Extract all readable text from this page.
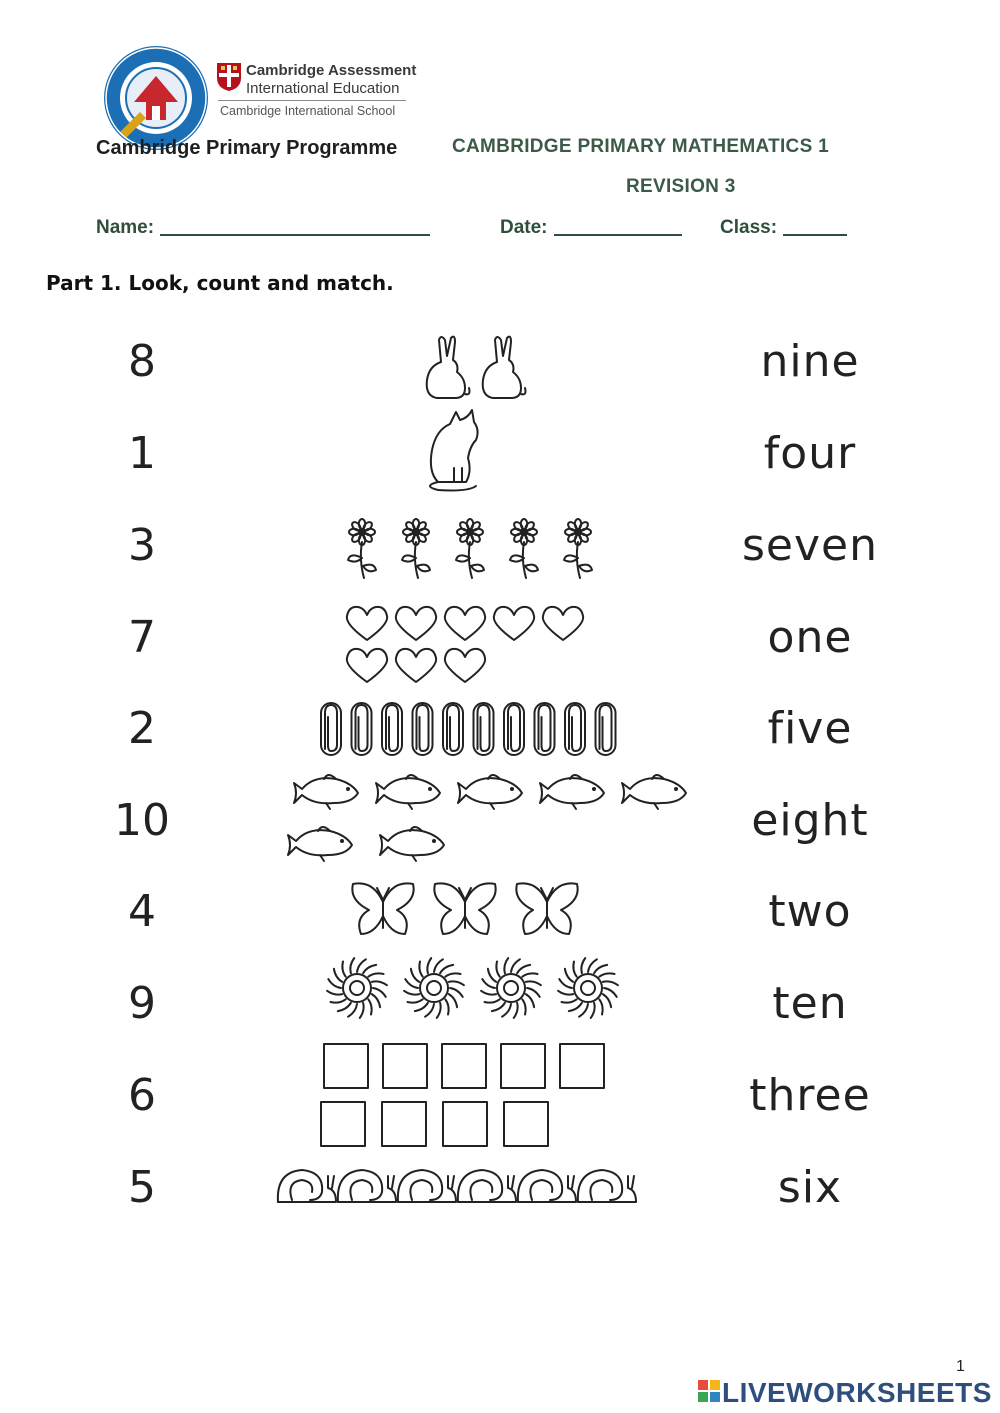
Cambridge Assessment
International Education
Cambridge International School
Cambridge Primary Programme	CAMBRIDGE PRIMARY MATHEMATICS 1
REVISION 3
Name:	Date:	Class:
Part 1. Look, count and match.
8	nine
1	four
3	seven
7	one
2	five
10	eight
4	two
9	ten
6	three
5	six
1
LIVEWORKSHEETS
